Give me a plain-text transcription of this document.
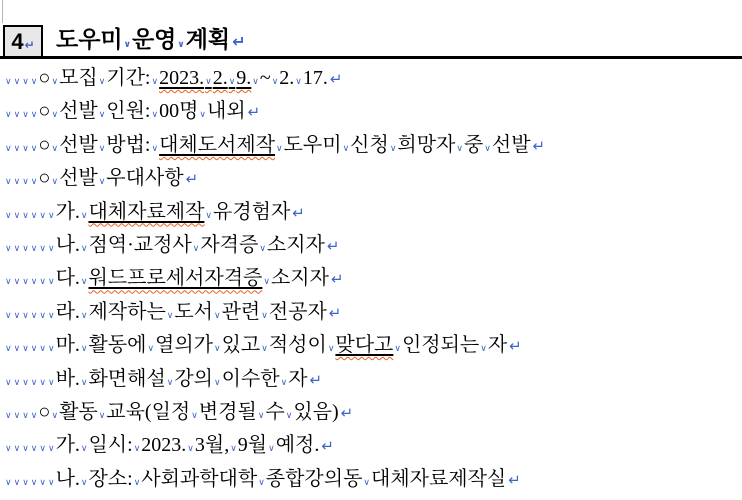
4 ↵ 도우미∨운영∨계획 ↵
∨ ∨ ∨ ∨○∨모집∨기간:∨2023.∨2.∨9.∨~∨2.∨17. ↵
∨ ∨ ∨ ∨○∨선발∨인원:∨00명∨내외 ↵
∨ ∨ ∨ ∨○∨선발∨방법:∨대체도서제작∨도우미∨신청∨희망자∨중∨선발 ↵
∨ ∨ ∨ ∨○∨선발∨우대사항 ↵
∨ ∨ ∨ ∨ ∨ ∨가.∨대체자료제작∨유경험자 ↵
∨ ∨ ∨ ∨ ∨ ∨나.∨점역·교정사∨자격증∨소지자 ↵
∨ ∨ ∨ ∨ ∨ ∨다.∨워드프로세서자격증∨소지자 ↵
∨ ∨ ∨ ∨ ∨ ∨라.∨제작하는∨도서∨관련∨전공자 ↵
∨ ∨ ∨ ∨ ∨ ∨마.∨활동에∨열의가∨있고∨적성이∨맞다고∨인정되는∨자 ↵
∨ ∨ ∨ ∨ ∨ ∨바.∨화면해설∨강의∨이수한∨자 ↵
∨ ∨ ∨ ∨○∨활동∨교육(일정∨변경될∨수∨있음) ↵
∨ ∨ ∨ ∨ ∨ ∨가.∨일시:∨2023.∨3월,∨9월∨예정. ↵
∨ ∨ ∨ ∨ ∨ ∨나.∨장소:∨사회과학대학∨종합강의동∨대체자료제작실 ↵
